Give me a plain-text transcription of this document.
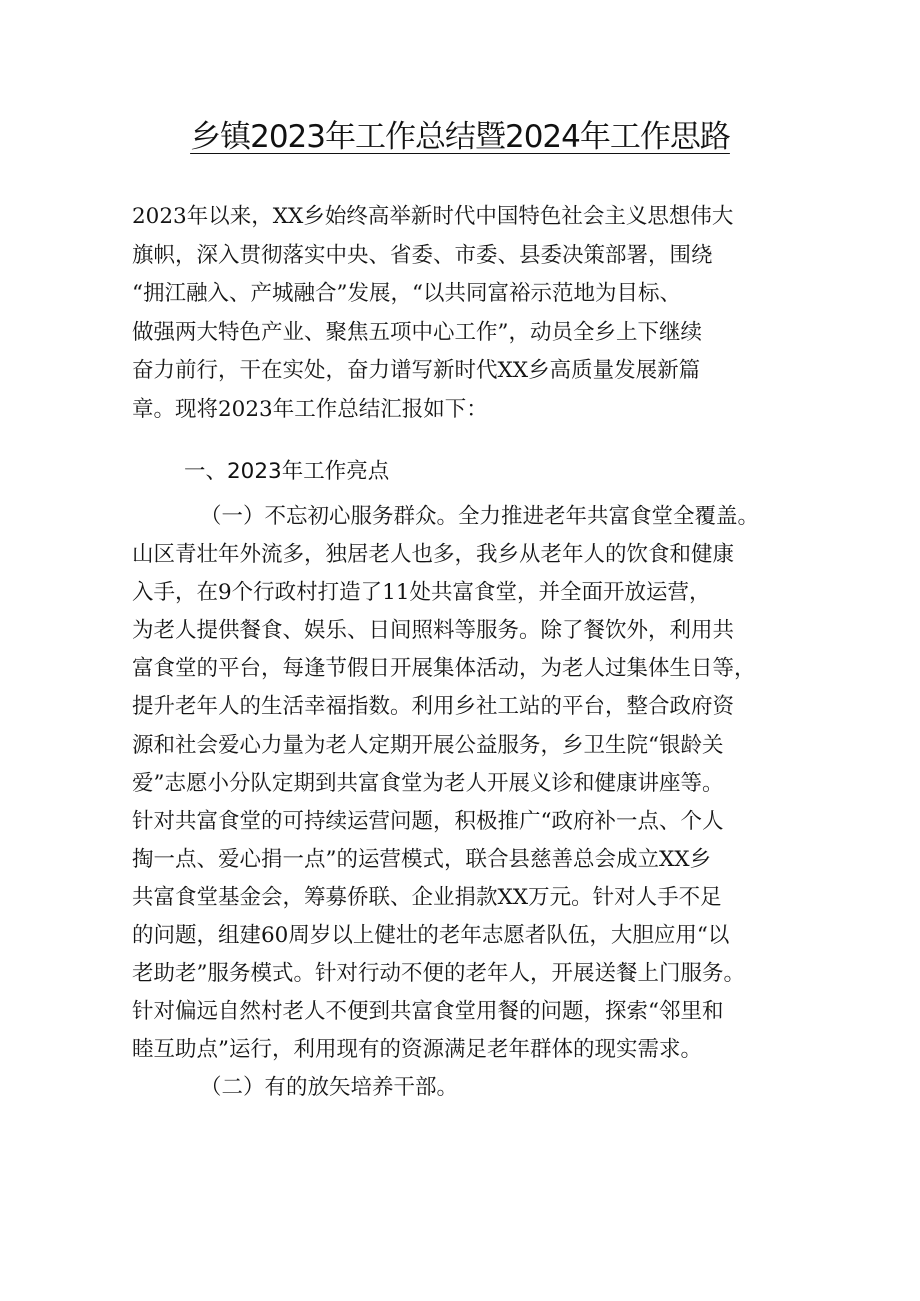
乡镇2023年工作总结暨2024年工作思路
2023年以来，XX乡始终高举新时代中国特色社会主义思想伟大
旗帜，深入贯彻落实中央、省委、市委、县委决策部署，围绕
“拥江融入、产城融合”发展，“以共同富裕示范地为目标、
做强两大特色产业、聚焦五项中心工作”，动员全乡上下继续
奋力前行，干在实处，奋力谱写新时代XX乡高质量发展新篇
章。现将2023年工作总结汇报如下：
一、2023年工作亮点
（一）不忘初心服务群众。全力推进老年共富食堂全覆盖。
山区青壮年外流多，独居老人也多，我乡从老年人的饮食和健康
入手，在9个行政村打造了11处共富食堂，并全面开放运营，
为老人提供餐食、娱乐、日间照料等服务。除了餐饮外，利用共
富食堂的平台，每逢节假日开展集体活动，为老人过集体生日等，
提升老年人的生活幸福指数。利用乡社工站的平台，整合政府资
源和社会爱心力量为老人定期开展公益服务，乡卫生院“银龄关
爱”志愿小分队定期到共富食堂为老人开展义诊和健康讲座等。
针对共富食堂的可持续运营问题，积极推广“政府补一点、个人
掏一点、爱心捐一点”的运营模式，联合县慈善总会成立XX乡
共富食堂基金会，筹募侨联、企业捐款XX万元。针对人手不足
的问题，组建60周岁以上健壮的老年志愿者队伍，大胆应用“以
老助老”服务模式。针对行动不便的老年人，开展送餐上门服务。
针对偏远自然村老人不便到共富食堂用餐的问题，探索“邻里和
睦互助点”运行，利用现有的资源满足老年群体的现实需求。
（二）有的放矢培养干部。
